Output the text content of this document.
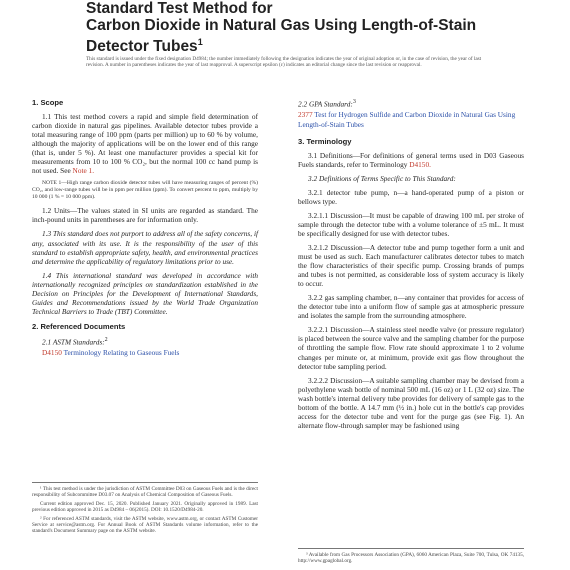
Standard Test Method for
Carbon Dioxide in Natural Gas Using Length-of-Stain
Detector Tubes$^1$
This standard is issued under the fixed designation D4984; the number immediately following the designation indicates the year of original adoption or, in the case of revision, the year of last revision. A number in parentheses indicates the year of last reapproval. A superscript epsilon (ε) indicates an editorial change since the last revision or reapproval.
1. Scope

1.1 This test method covers a rapid and simple field determination of carbon dioxide in natural gas pipelines. Available detector tubes provide a total measuring range of 100 ppm (parts per million) up to 60 % by volume, although the majority of applications will be on the lower end of this range (that is, under 5 %). At least one manufacturer provides a special kit for measurements from 10 to 100 % CO₂, but the normal 100 cc hand pump is not used. See Note 1.

NOTE 1—High range carbon dioxide detector tubes will have measuring ranges of percent (%) CO₂, and low-range tubes will be in ppm per million (ppm). To convert percent to ppm, multiply by 10 000 (1 % = 10 000 ppm).

1.2 Units—The values stated in SI units are regarded as standard. The inch-pound units in parentheses are for information only.

1.3 This standard does not purport to address all of the safety concerns, if any, associated with its use. It is the responsibility of the user of this standard to establish appropriate safety, health, and environmental practices and determine the applicability of regulatory limitations prior to use.

1.4 This international standard was developed in accordance with internationally recognized principles on standardization established in the Decision on Principles for the Development of International Standards, Guides and Recommendations issued by the World Trade Organization Technical Barriers to Trade (TBT) Committee.

2. Referenced Documents
2.1 ASTM Standards:$^2$
D4150 Terminology Relating to Gaseous Fuels

¹ This test method is under the jurisdiction of ASTM Committee D03 on Gaseous Fuels and is the direct responsibility of Subcommittee D03.07 on Analysis of Chemical Composition of Gaseous Fuels.

Current edition approved Dec. 15, 2020. Published January 2021. Originally approved in 1989. Last previous edition approved in 2015 as D4984 – 06(2015). DOI: 10.1520/D4984-20.

² For referenced ASTM standards, visit the ASTM website, www.astm.org, or contact ASTM Customer Service at service@astm.org. For Annual Book of ASTM Standards volume information, refer to the standard's Document Summary page on the ASTM website.

2.2 GPA Standard:$^3$
2377 Test for Hydrogen Sulfide and Carbon Dioxide in Natural Gas Using Length-of-Stain Tubes
3. Terminology

3.1 Definitions—For definitions of general terms used in D03 Gaseous Fuels standards, refer to Terminology D4150.

3.2 Definitions of Terms Specific to This Standard:

3.2.1 detector tube pump, n—a hand-operated pump of a piston or bellows type.

3.2.1.1 Discussion—It must be capable of drawing 100 mL per stroke of sample through the detector tube with a volume tolerance of ±5 mL. It must be specifically designed for use with detector tubes.

3.2.1.2 Discussion—A detector tube and pump together form a unit and must be used as such. Each manufacturer calibrates detector tubes to match the flow characteristics of their specific pump. Crossing brands of pumps and tubes is not permitted, as considerable loss of system accuracy is likely to occur.

3.2.2 gas sampling chamber, n—any container that provides for access of the detector tube into a uniform flow of sample gas at atmospheric pressure and isolates the sample from the surrounding atmosphere.

3.2.2.1 Discussion—A stainless steel needle valve (or pressure regulator) is placed between the source valve and the sampling chamber for the purpose of throttling the sample flow. Flow rate should approximate 1 to 2 volume changes per minute or, at minimum, provide exit gas flow throughout the detector tube sampling period.

3.2.2.2 Discussion—A suitable sampling chamber may be devised from a polyethylene wash bottle of nominal 500 mL (16 oz) or 1 L (32 oz) size. The wash bottle's internal delivery tube provides for delivery of sample gas to the bottom of the bottle. A 14.7 mm (½ in.) hole cut in the bottle's cap provides access for the detector tube and vent for the purge gas (see Fig. 1). An alternate flow-through sampler may be fashioned using

³ Available from Gas Processors Association (GPA), 6060 American Plaza, Suite 700, Tulsa, OK 74135, http://www.gpaglobal.org.
